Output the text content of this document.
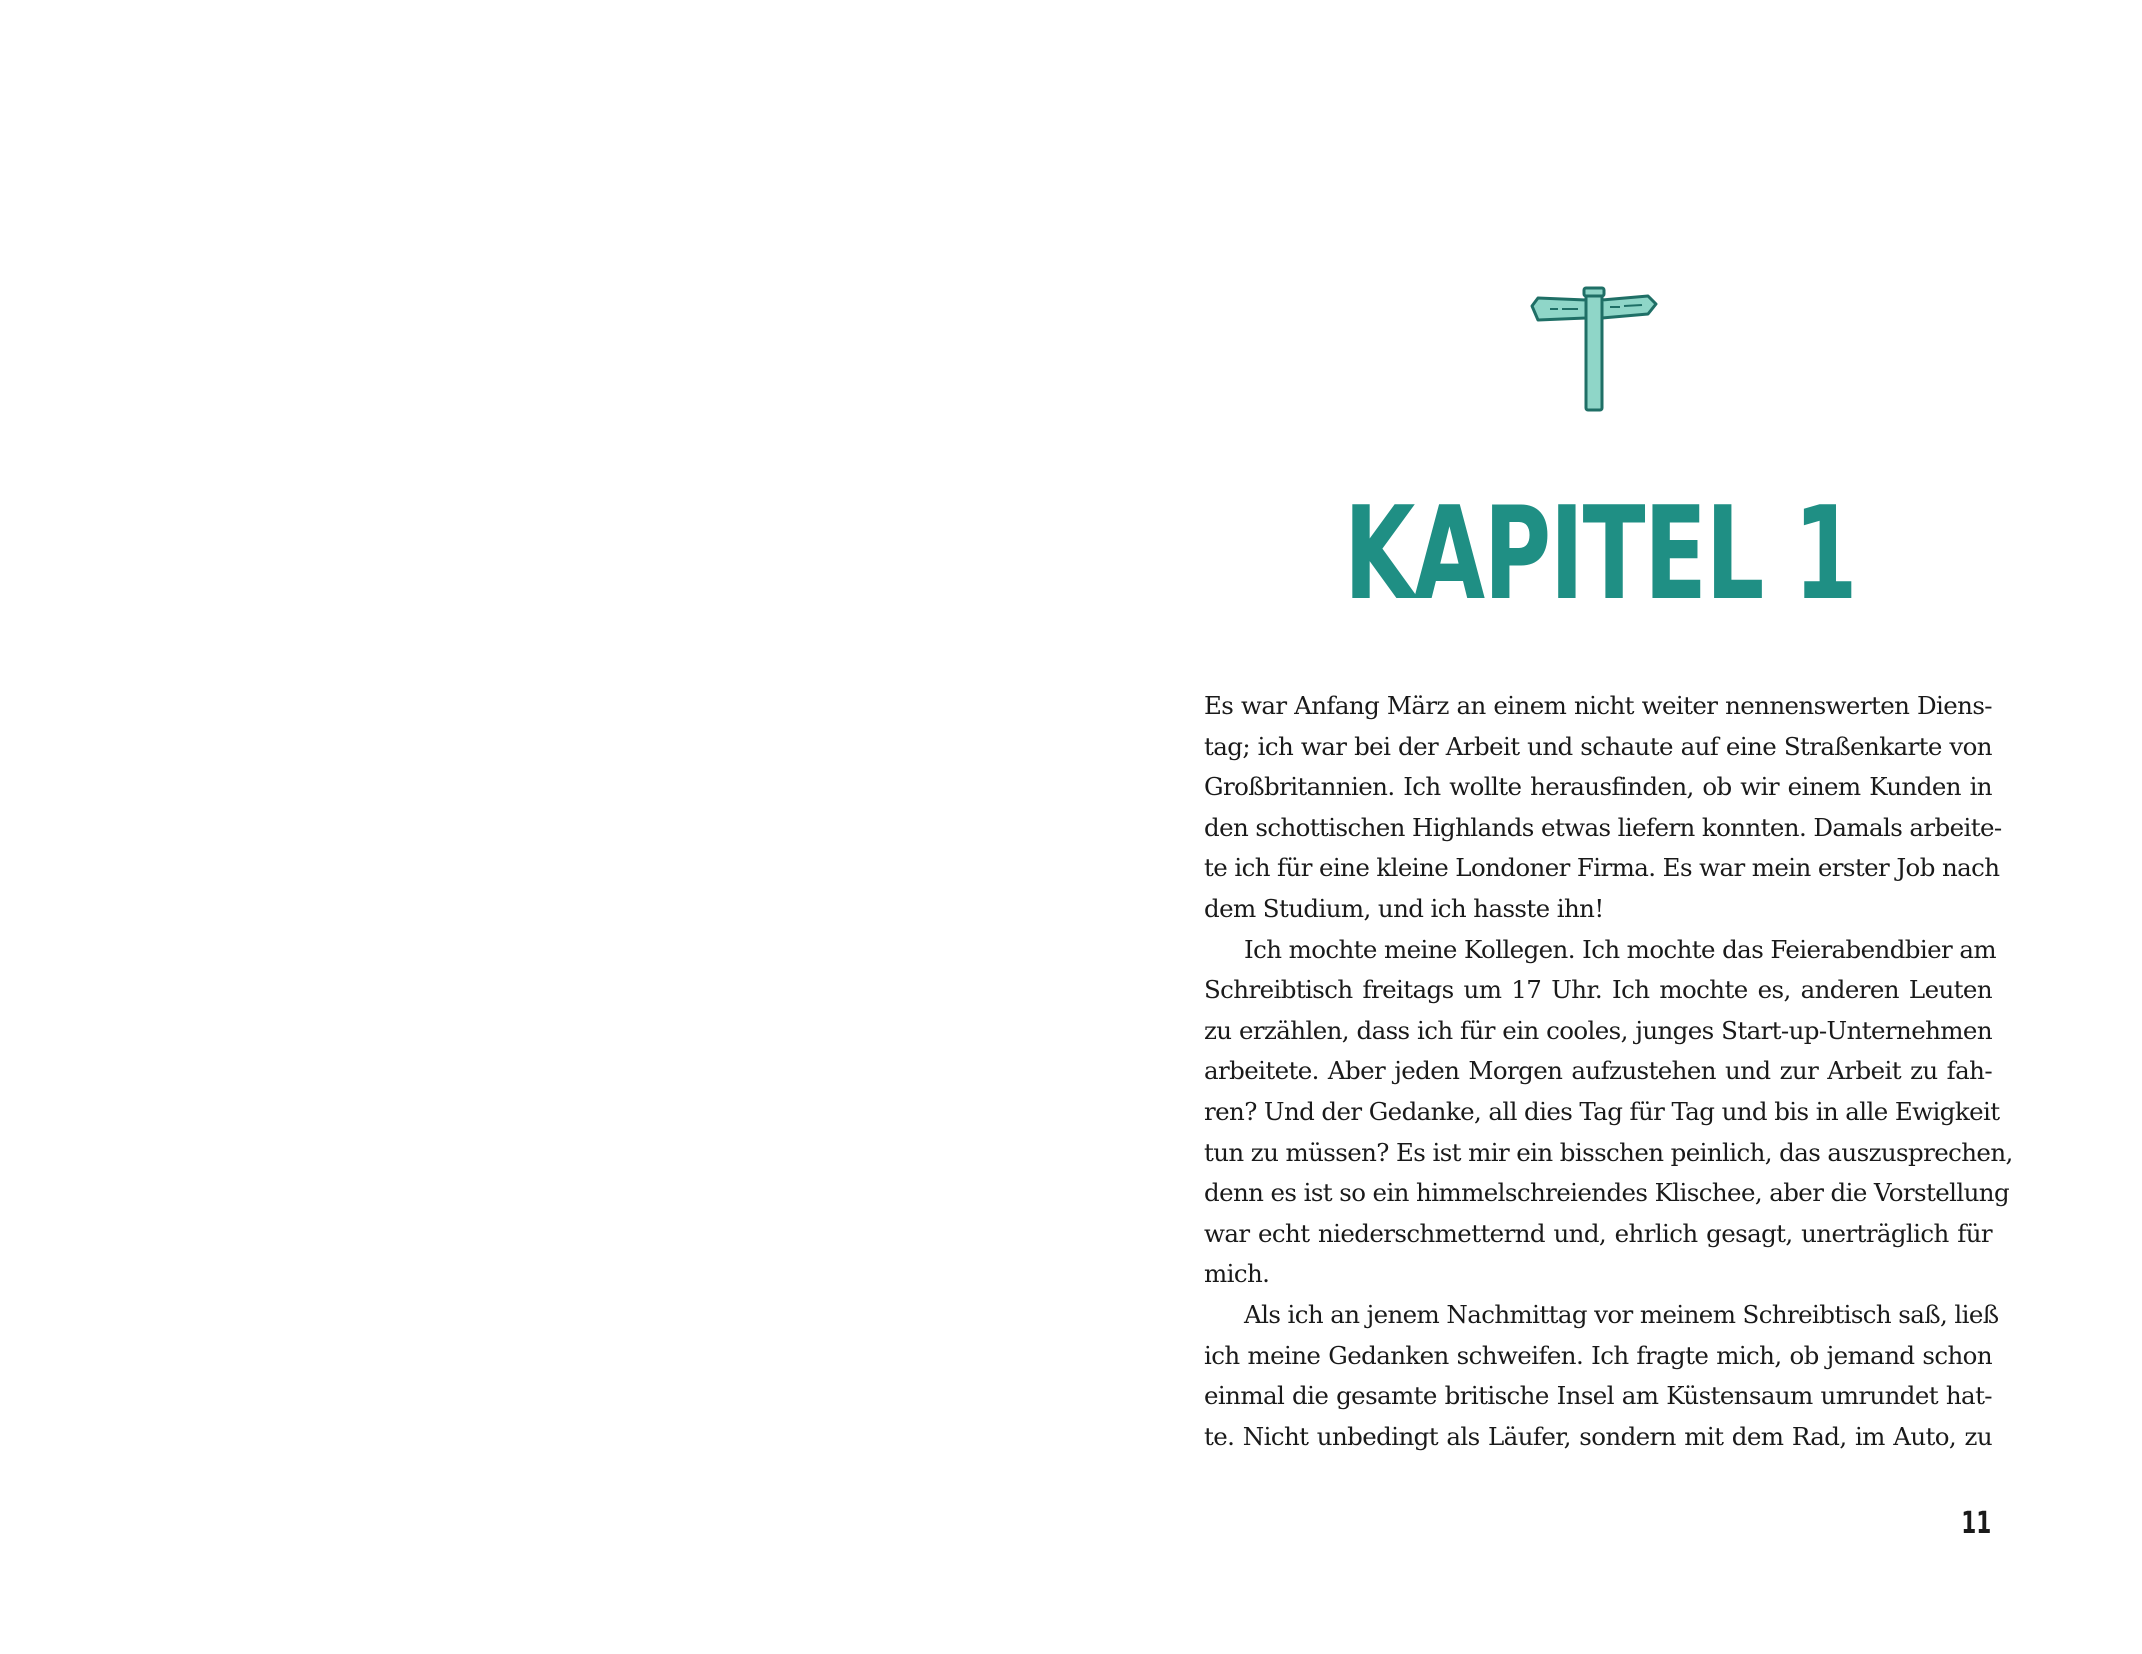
KAPITEL 1
Es war Anfang März an einem nicht weiter nennenswerten Diens-
tag; ich war bei der Arbeit und schaute auf eine Straßenkarte von
Großbritannien. Ich wollte herausfinden, ob wir einem Kunden in
den schottischen Highlands etwas liefern konnten. Damals arbeite-
te ich für eine kleine Londoner Firma. Es war mein erster Job nach
dem Studium, und ich hasste ihn!
Ich mochte meine Kollegen. Ich mochte das Feierabendbier am
Schreibtisch freitags um 17 Uhr. Ich mochte es, anderen Leuten
zu erzählen, dass ich für ein cooles, junges Start-up-Unternehmen
arbeitete. Aber jeden Morgen aufzustehen und zur Arbeit zu fah-
ren? Und der Gedanke, all dies Tag für Tag und bis in alle Ewigkeit
tun zu müssen? Es ist mir ein bisschen peinlich, das auszusprechen,
denn es ist so ein himmelschreiendes Klischee, aber die Vorstellung
war echt niederschmetternd und, ehrlich gesagt, unerträglich für
mich.
Als ich an jenem Nachmittag vor meinem Schreibtisch saß, ließ
ich meine Gedanken schweifen. Ich fragte mich, ob jemand schon
einmal die gesamte britische Insel am Küstensaum umrundet hat-
te. Nicht unbedingt als Läufer, sondern mit dem Rad, im Auto, zu
11
